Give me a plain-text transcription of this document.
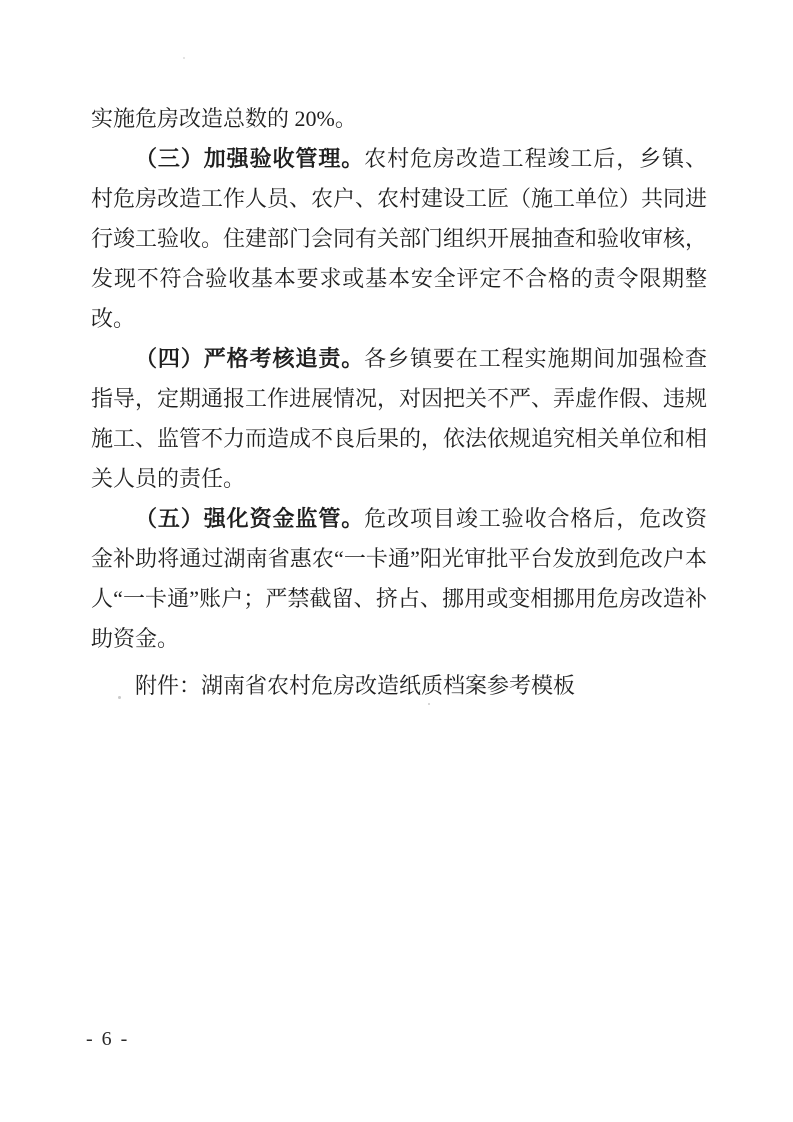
实施危房改造总数的 20%。

（三）加强验收管理。农村危房改造工程竣工后，乡镇、村危房改造工作人员、农户、农村建设工匠（施工单位）共同进行竣工验收。住建部门会同有关部门组织开展抽查和验收审核，发现不符合验收基本要求或基本安全评定不合格的责令限期整改。

（四）严格考核追责。各乡镇要在工程实施期间加强检查指导，定期通报工作进展情况，对因把关不严、弄虚作假、违规施工、监管不力而造成不良后果的，依法依规追究相关单位和相关人员的责任。

（五）强化资金监管。危改项目竣工验收合格后，危改资金补助将通过湖南省惠农“一卡通”阳光审批平台发放到危改户本人“一卡通”账户；严禁截留、挤占、挪用或变相挪用危房改造补助资金。

附件：湖南省农村危房改造纸质档案参考模板

- 6 -
